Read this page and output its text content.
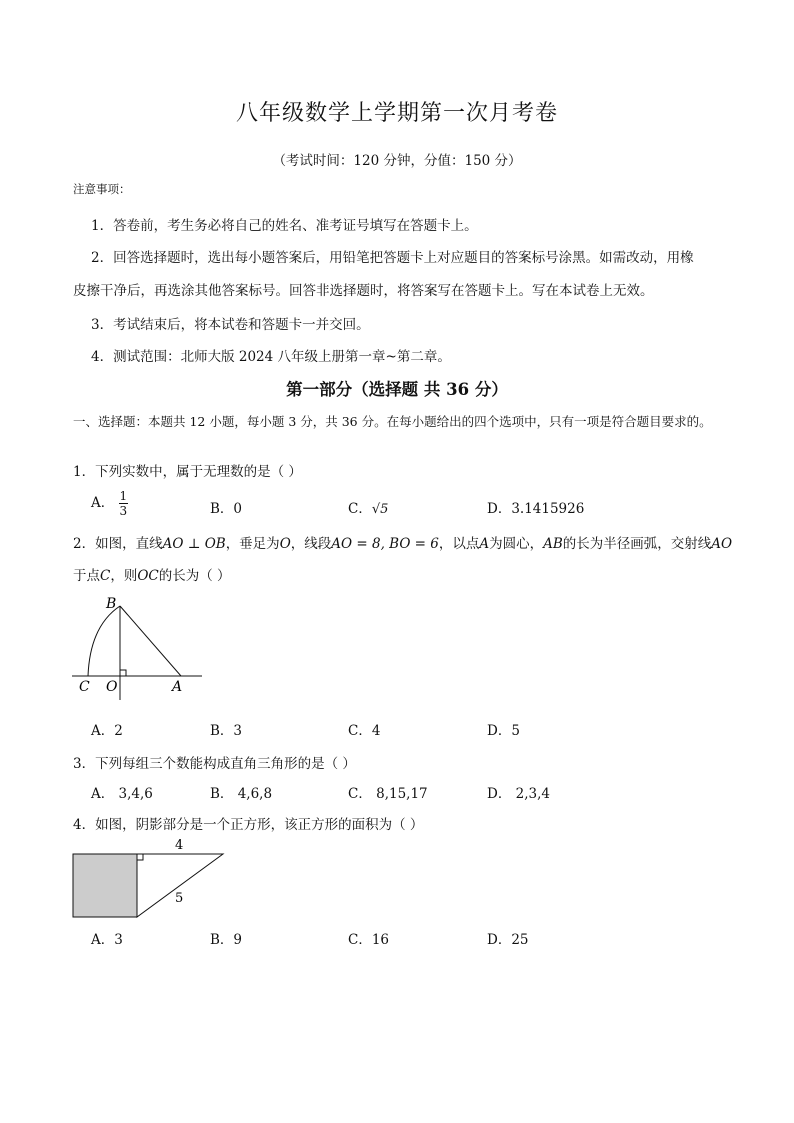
八年级数学上学期第一次月考卷
（考试时间：120 分钟，分值：150 分）
注意事项：
1．答卷前，考生务必将自己的姓名、准考证号填写在答题卡上。
2．回答选择题时，选出每小题答案后，用铅笔把答题卡上对应题目的答案标号涂黑。如需改动，用橡
皮擦干净后，再选涂其他答案标号。回答非选择题时，将答案写在答题卡上。写在本试卷上无效。
3．考试结束后，将本试卷和答题卡一并交回。
4．测试范围：北师大版 2024 八年级上册第一章~第二章。
第一部分（选择题 共 36 分）
一、选择题：本题共 12 小题，每小题 3 分，共 36 分。在每小题给出的四个选项中，只有一项是符合题目要求的。
1．下列实数中，属于无理数的是（ ）
A． $\frac{1}{3}$	B．0	C．√5	D．3.1415926
2．如图，直线AO ⊥ OB，垂足为O，线段AO = 8, BO = 6，以点A为圆心，AB的长为半径画弧，交射线AO
于点C，则OC的长为（ ）
B
C O	A
A．2	B．3	C．4	D．5
3．下列每组三个数能构成直角三角形的是（ ）
A． 3,4,6	B． 4,6,8	C． 8,15,17	D． 2,3,4
4．如图，阴影部分是一个正方形，该正方形的面积为（ ）
4
5
A．3	B．9	C．16	D．25
